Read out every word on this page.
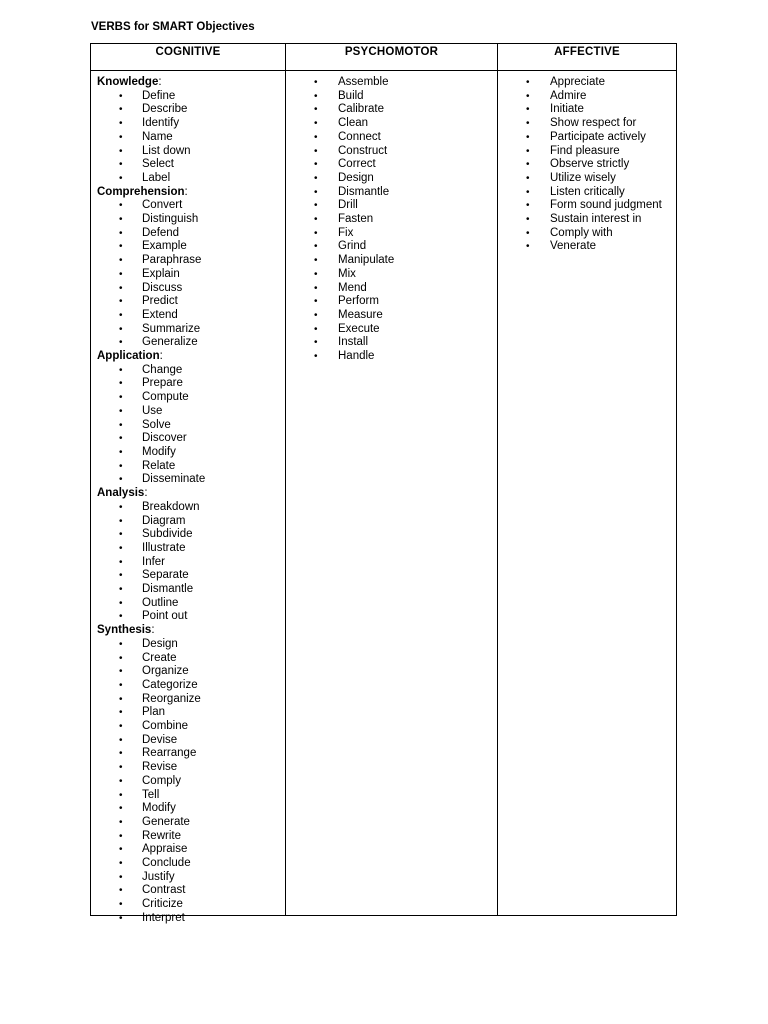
VERBS for SMART Objectives
COGNITIVE
Knowledge:
• Define
• Describe
• Identify
• Name
• List down
• Select
• Label
Comprehension:
• Convert
• Distinguish
• Defend
• Example
• Paraphrase
• Explain
• Discuss
• Predict
• Extend
• Summarize
• Generalize
Application:
• Change
• Prepare
• Compute
• Use
• Solve
• Discover
• Modify
• Relate
• Disseminate
Analysis:
• Breakdown
• Diagram
• Subdivide
• Illustrate
• Infer
• Separate
• Dismantle
• Outline
• Point out
Synthesis:
• Design
• Create
• Organize
• Categorize
• Reorganize
• Plan
• Combine
• Devise
• Rearrange
• Revise
• Comply
• Tell
• Modify
• Generate
• Rewrite
• Appraise
• Conclude
• Justify
• Contrast
• Criticize
• Interpret
PSYCHOMOTOR
• Assemble
• Build
• Calibrate
• Clean
• Connect
• Construct
• Correct
• Design
• Dismantle
• Drill
• Fasten
• Fix
• Grind
• Manipulate
• Mix
• Mend
• Perform
• Measure
• Execute
• Install
• Handle
AFFECTIVE
• Appreciate
• Admire
• Initiate
• Show respect for
• Participate actively
• Find pleasure
• Observe strictly
• Utilize wisely
• Listen critically
• Form sound judgment
• Sustain interest in
• Comply with
• Venerate
